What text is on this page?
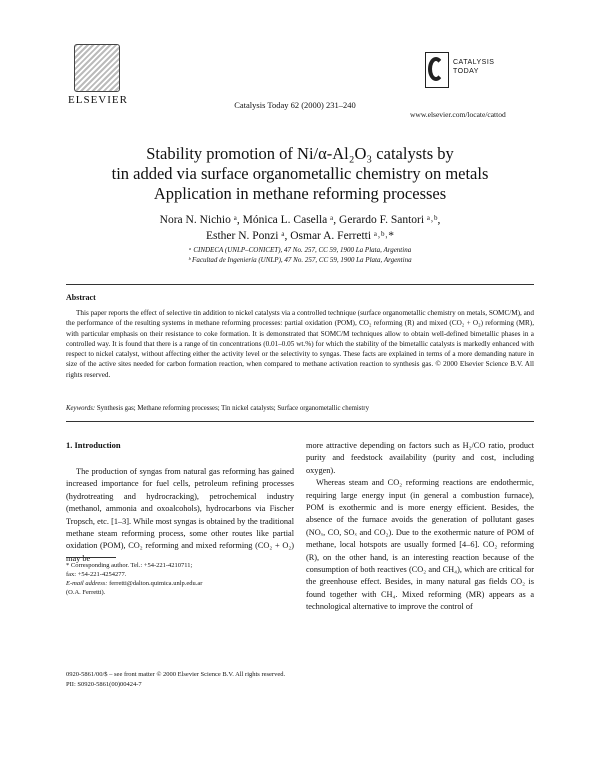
ELSEVIER	Catalysis Today 62 (2000) 231–240
CATALYSIS
TODAY
www.elsevier.com/locate/cattod
Stability promotion of Ni/α-Al₂O₃ catalysts by
tin added via surface organometallic chemistry on metals
Application in methane reforming processes
Nora N. Nichio ᵃ, Mónica L. Casella ᵃ, Gerardo F. Santori ᵃ˒ᵇ,
Esther N. Ponzi ᵃ, Osmar A. Ferretti ᵃ˒ᵇ˒*
ᵃ CINDECA (UNLP–CONICET), 47 No. 257, CC 59, 1900 La Plata, Argentina
ᵇ Facultad de Ingeniería (UNLP), 47 No. 257, CC 59, 1900 La Plata, Argentina
Abstract
This paper reports the effect of selective tin addition to nickel catalysts via a controlled technique (surface organometallic chemistry on metals, SOMC/M), and the performance of the resulting systems in methane reforming processes: partial oxidation (POM), CO₂ reforming (R) and mixed (CO₂ + O₂) reforming (MR), with particular emphasis on their resistance to coke formation. It is demonstrated that SOMC/M techniques allow to obtain well-defined bimetallic phases in a controlled way. It is found that there is a range of tin concentrations (0.01–0.05 wt.%) for which the stability of the bimetallic catalysts is markedly enhanced with respect to nickel catalyst, without affecting either the activity level or the selectivity to syngas. These facts are explained in terms of a more demanding nature in size of the active sites needed for carbon formation reaction, when compared to methane activation reaction to synthesis gas. © 2000 Elsevier Science B.V. All rights reserved.
Keywords: Synthesis gas; Methane reforming processes; Tin nickel catalysts; Surface organometallic chemistry
1. Introduction

The production of syngas from natural gas reforming has gained increased importance for fuel cells, petroleum refining processes (hydrotreating and hydrocracking), petrochemical industry (methanol, ammonia and oxoalcohols), hydrocarbons via Fischer Tropsch, etc. [1–3]. While most syngas is obtained by the traditional methane steam reforming process, some other routes like partial oxidation (POM), CO₂ reforming and mixed reforming (CO₂ + O₂) may be

more attractive depending on factors such as H₂/CO ratio, product purity and feedstock availability (purity and cost, including oxygen).

Whereas steam and CO₂ reforming reactions are endothermic, requiring large energy input (in general a combustion furnace), POM is exothermic and is more energy efficient. Besides, the absence of the furnace avoids the generation of pollutant gases (NOₓ, CO, SOₓ and CO₂). Due to the exothermic nature of POM of methane, local hotspots are usually formed [4–6]. CO₂ reforming (R), on the other hand, is an interesting reaction because of the consumption of both reactives (CO₂ and CH₄), which are critical for the greenhouse effect. Besides, in many natural gas fields CO₂ is found together with CH₄. Mixed reforming (MR) appears as a technological alternative to improve the control of

* Corresponding author. Tel.: +54-221-4210711;
fax: +54-221-4254277.
E-mail address: ferretti@dalton.quimica.unlp.edu.ar
(O.A. Ferretti).
0920-5861/00/$ – see front matter © 2000 Elsevier Science B.V. All rights reserved.
PII: S0920-5861(00)00424-7
